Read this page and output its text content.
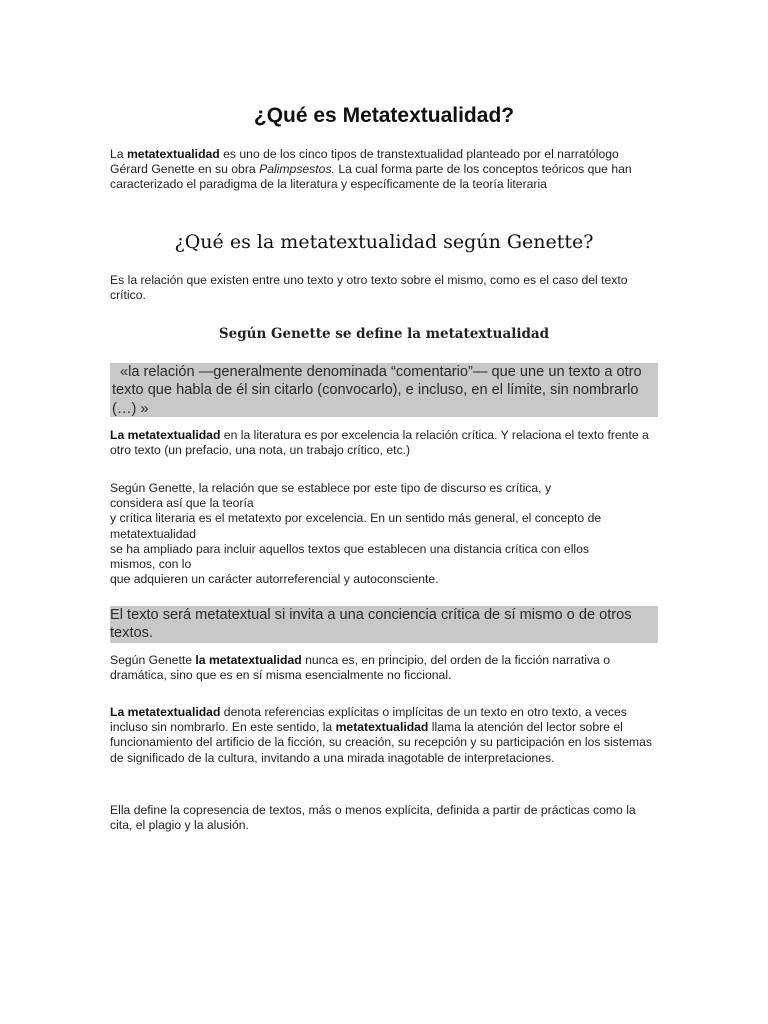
¿Qué es Metatextualidad?

La metatextualidad es uno de los cinco tipos de transtextualidad planteado por el narratólogo Gérard Genette en su obra Palimpsestos. La cual forma parte de los conceptos teóricos que han caracterizado el paradigma de la literatura y específicamente de la teoría literaria

¿Qué es la metatextualidad según Genette?

Es la relación que existen entre uno texto y otro texto sobre el mismo, como es el caso del texto crítico.

Según Genette se define la metatextualidad

«la relación —generalmente denominada “comentario”— que une un texto a otro texto que habla de él sin citarlo (convocarlo), e incluso, en el límite, sin nombrarlo (…) »

La metatextualidad en la literatura es por excelencia la relación crítica. Y relaciona el texto frente a otro texto (un prefacio, una nota, un trabajo crítico, etc.)

Según Genette, la relación que se establece por este tipo de discurso es crítica, y
considera así que la teoría
y crítica literaria es el metatexto por excelencia. En un sentido más general, el concepto de
metatextualidad
se ha ampliado para incluir aquellos textos que establecen una distancia crítica con ellos
mismos, con lo
que adquieren un carácter autorreferencial y autoconsciente.

El texto será metatextual si invita a una conciencia crítica de sí mismo o de otros textos.

Según Genette la metatextualidad nunca es, en principio, del orden de la ficción narrativa o dramática, sino que es en sí misma esencialmente no ficcional.

La metatextualidad denota referencias explícitas o implícitas de un texto en otro texto, a veces incluso sin nombrarlo. En este sentido, la metatextualidad llama la atención del lector sobre el funcionamiento del artificio de la ficción, su creación, su recepción y su participación en los sistemas de significado de la cultura, invitando a una mirada inagotable de interpretaciones.

Ella define la copresencia de textos, más o menos explícita, definida a partir de prácticas como la cita, el plagio y la alusión.
